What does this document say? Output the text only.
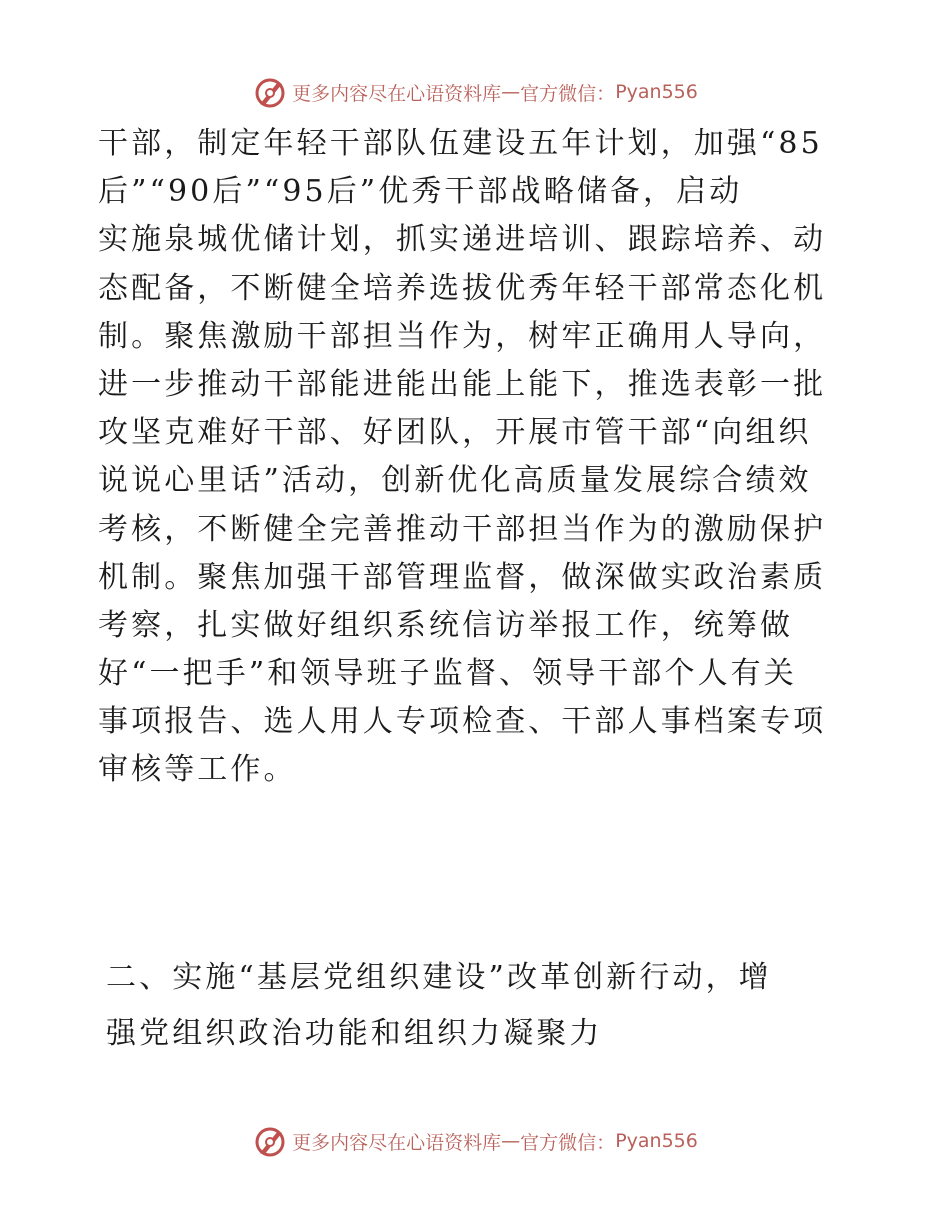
更多内容尽在心语资料库 — 官方微信： Pyan556
干部，制定年轻干部队伍建设五年计划，加强“85
后”“90后”“95后”优秀干部战略储备，启动
实施泉城优储计划，抓实递进培训、跟踪培养、动
态配备，不断健全培养选拔优秀年轻干部常态化机
制。聚焦激励干部担当作为，树牢正确用人导向，
进一步推动干部能进能出能上能下，推选表彰一批
攻坚克难好干部、好团队，开展市管干部“向组织
说说心里话”活动，创新优化高质量发展综合绩效
考核，不断健全完善推动干部担当作为的激励保护
机制。聚焦加强干部管理监督，做深做实政治素质
考察，扎实做好组织系统信访举报工作，统筹做
好“一把手”和领导班子监督、领导干部个人有关
事项报告、选人用人专项检查、干部人事档案专项
审核等工作。
二、实施“基层党组织建设”改革创新行动，增
强党组织政治功能和组织力凝聚力
更多内容尽在心语资料库 — 官方微信： Pyan556
